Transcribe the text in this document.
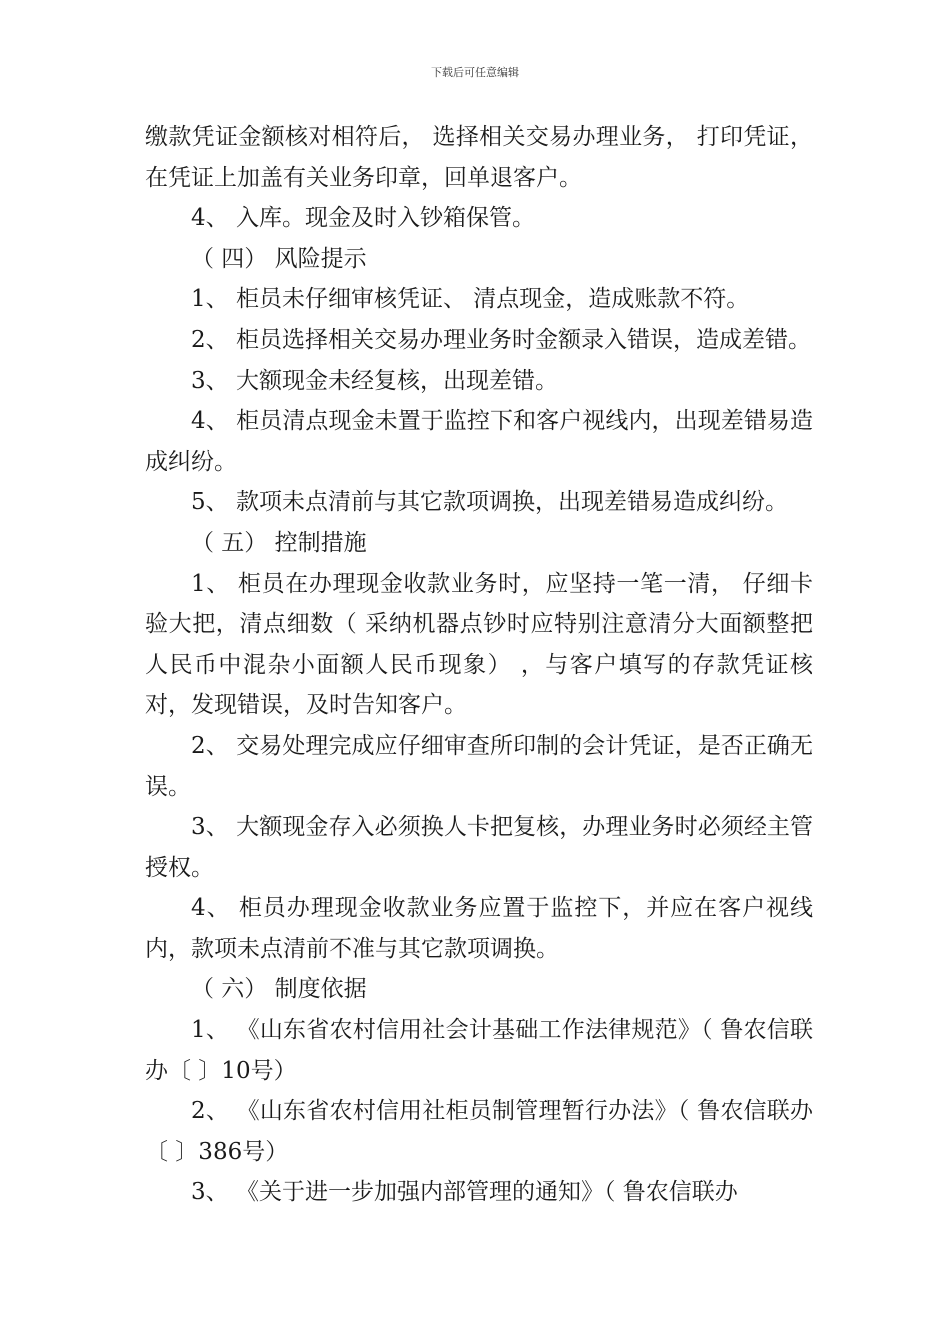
下载后可任意编辑

缴款凭证金额核对相符后， 选择相关交易办理业务， 打印凭证，在凭证上加盖有关业务印章，回单退客户。

4、 入库。现金及时入钞箱保管。

（ 四） 风险提示

1、 柜员未仔细审核凭证、 清点现金，造成账款不符。

2、 柜员选择相关交易办理业务时金额录入错误，造成差错。

3、 大额现金未经复核，出现差错。

4、 柜员清点现金未置于监控下和客户视线内，出现差错易造成纠纷。

5、 款项未点清前与其它款项调换，出现差错易造成纠纷。

（ 五） 控制措施

1、 柜员在办理现金收款业务时，应坚持一笔一清， 仔细卡验大把，清点细数（ 采纳机器点钞时应特别注意清分大面额整把人民币中混杂小面额人民币现象） ，与客户填写的存款凭证核对，发现错误，及时告知客户。

2、 交易处理完成应仔细审查所印制的会计凭证，是否正确无误。

3、 大额现金存入必须换人卡把复核，办理业务时必须经主管授权。

4、 柜员办理现金收款业务应置于监控下，并应在客户视线内，款项未点清前不准与其它款项调换。

（ 六） 制度依据

1、 《山东省农村信用社会计基础工作法律规范》（ 鲁农信联办〔 〕10号）

2、 《山东省农村信用社柜员制管理暂行办法》（ 鲁农信联办〔 〕386号）

3、 《关于进一步加强内部管理的通知》（ 鲁农信联办
